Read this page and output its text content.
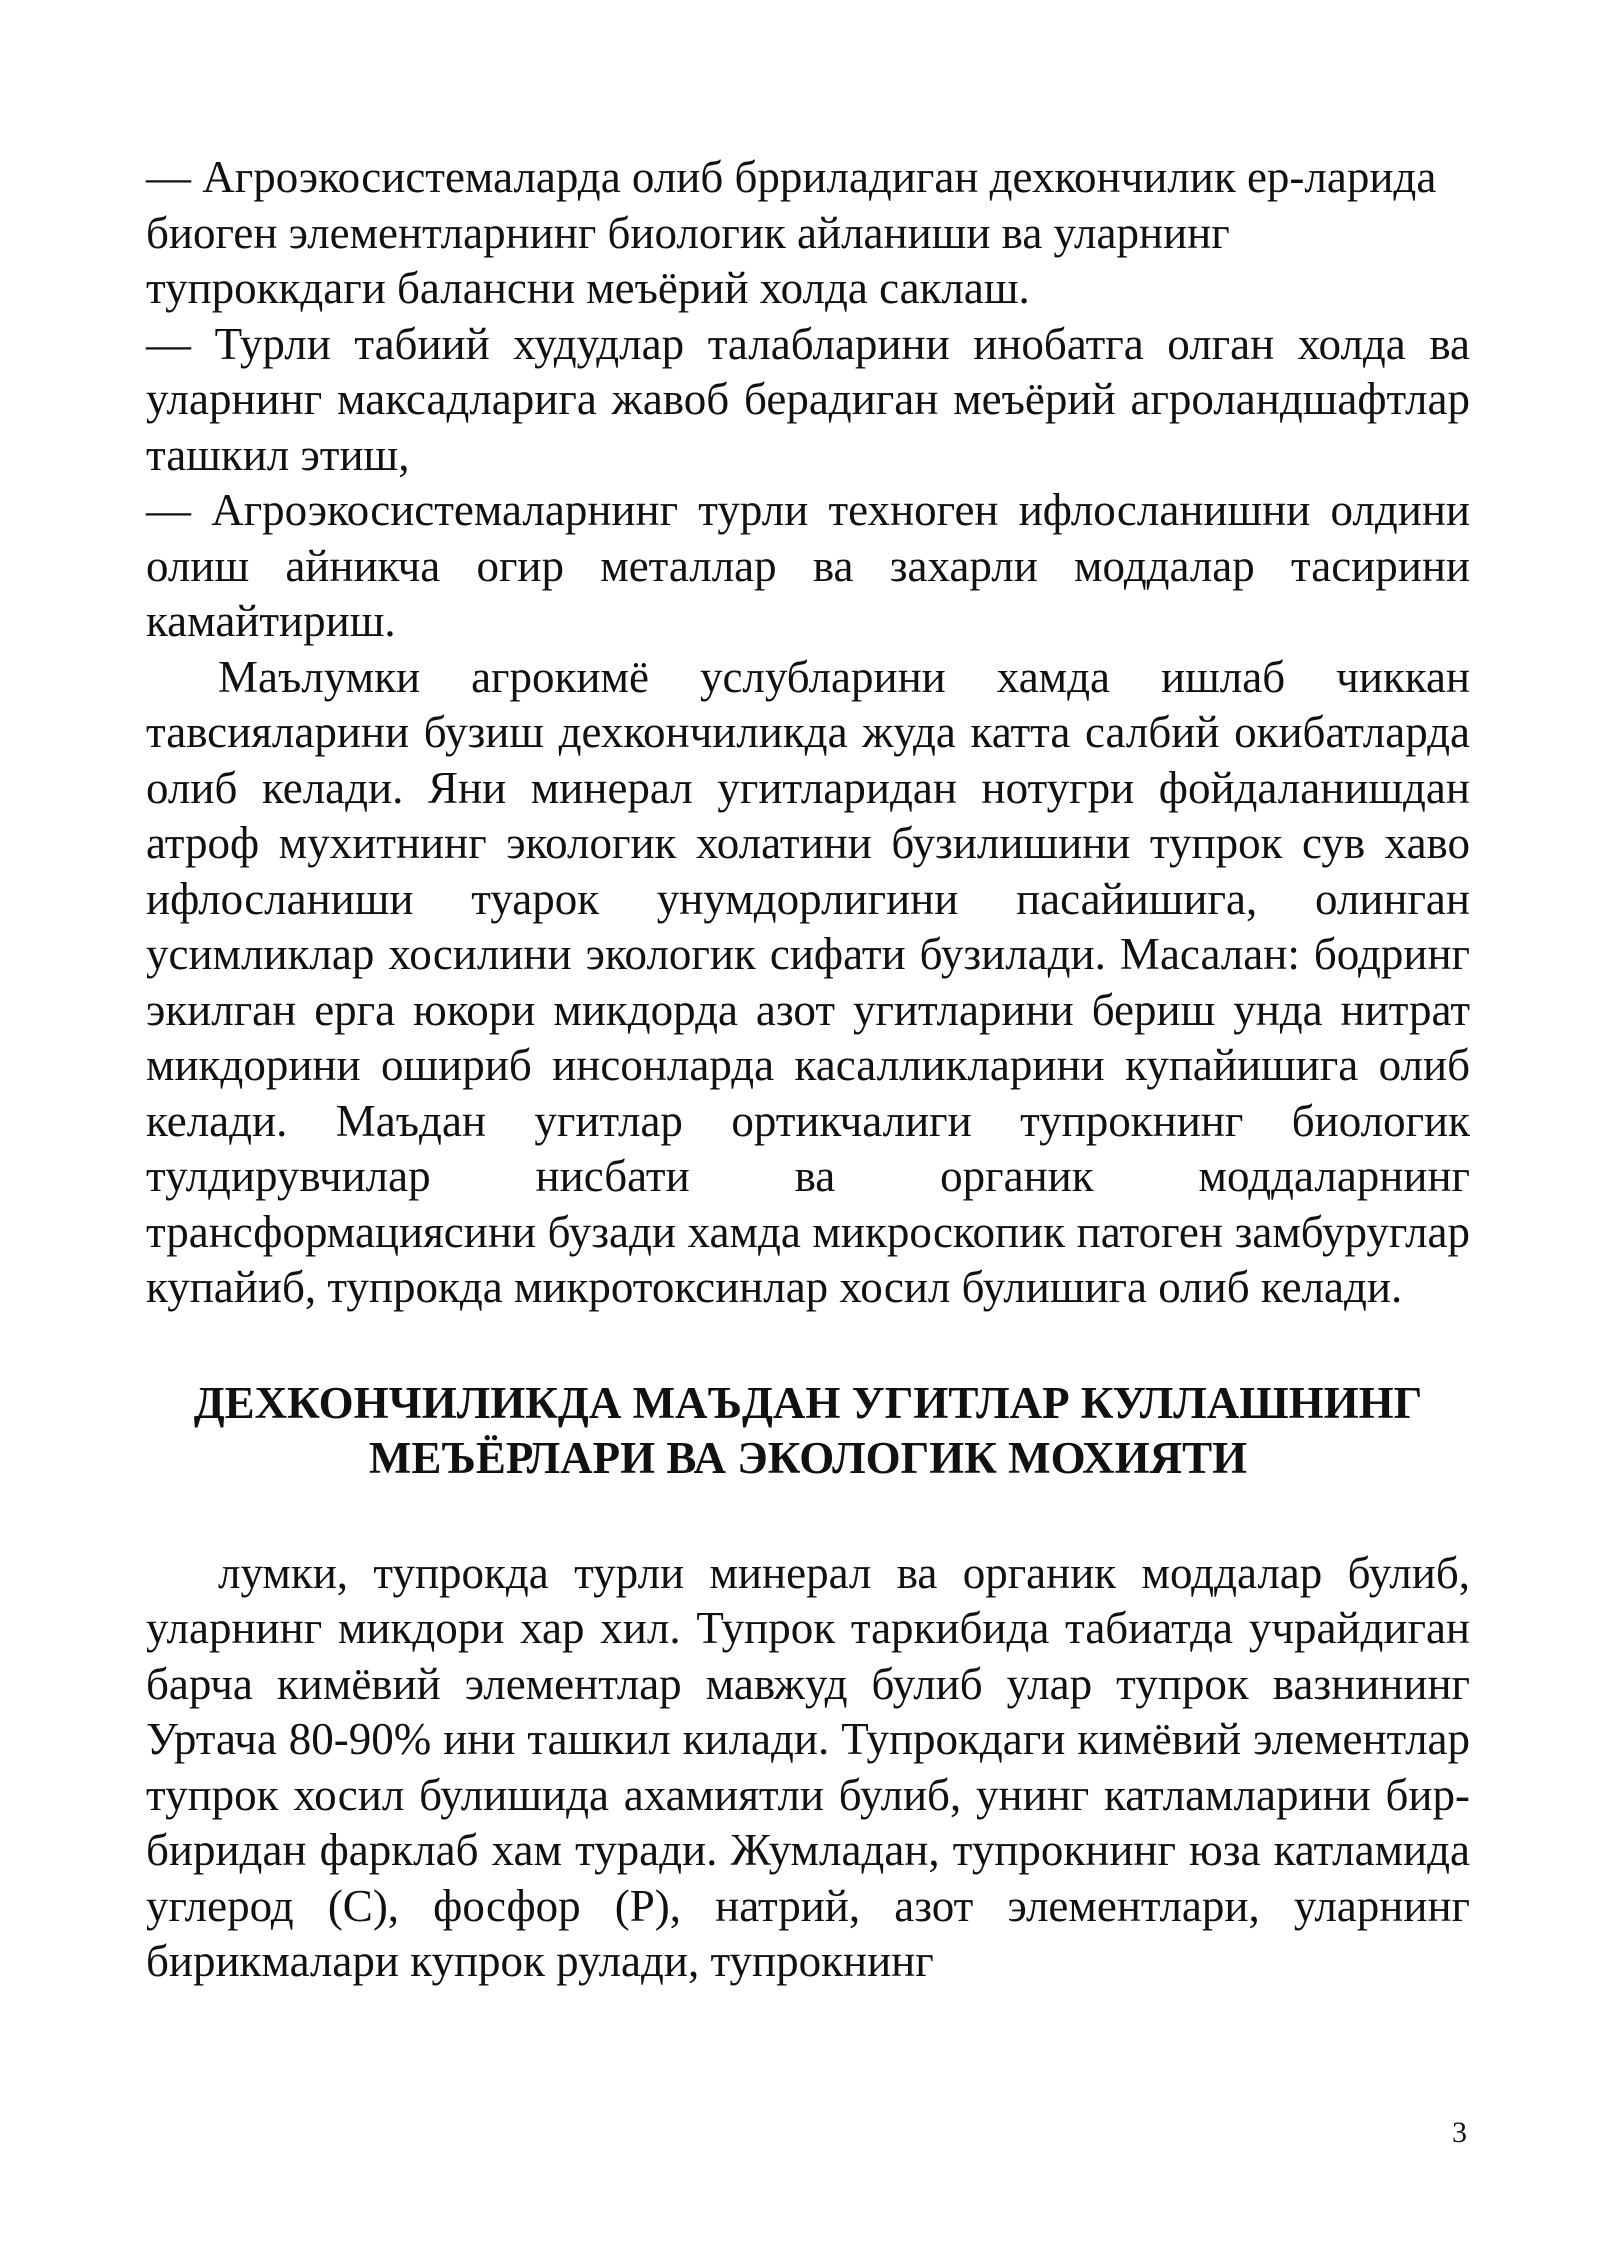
— Агроэкосистемаларда олиб брриладиган дехкончилик ер-ларида биоген элементларнинг биологик айланиши ва уларнинг тупроккдаги балансни меъёрий холда саклаш.

— Турли табиий худудлар талабларини инобатга олган холда ва уларнинг максадларига жавоб берадиган меъёрий агроландшафтлар ташкил этиш,

— Агроэкосистемаларнинг турли техноген ифлосланишни олдини олиш айникча огир металлар ва захарли моддалар тасирини камайтириш.

Маълумки агрокимё услубларини хамда ишлаб чиккан тавсияларини бузиш дехкончиликда жуда катта салбий окибатларда олиб келади. Яни минерал угитларидан нотугри фойдаланишдан атроф мухитнинг экологик холатини бузилишини тупрок сув хаво ифлосланиши туарок унумдорлигини пасайишига, олинган усимликлар хосилини экологик сифати бузилади. Масалан: бодринг экилган ерга юкори микдорда азот угитларини бериш унда нитрат микдорини ошириб инсонларда касалликларини купайишига олиб келади. Маъдан угитлар ортикчалиги тупрокнинг биологик тулдирувчилар нисбати ва органик моддаларнинг трансформациясини бузади хамда микроскопик патоген замбуруглар купайиб, тупрокда микротоксинлар хосил булишига олиб келади.

ДЕХКОНЧИЛИКДА МАЪДАН УГИТЛАР КУЛЛАШНИНГ
МЕЪЁРЛАРИ ВА ЭКОЛОГИК МОХИЯТИ

лумки, тупрокда турли минерал ва органик моддалар булиб, уларнинг микдори хар хил. Тупрок таркибида табиатда учрайдиган барча кимёвий элементлар мавжуд булиб улар тупрок вазнининг Уртача 80-90% ини ташкил килади. Тупрокдаги кимёвий элементлар тупрок хосил булишида ахамиятли булиб, унинг катламларини бир-биридан фарклаб хам туради. Жумладан, тупрокнинг юза катламида углерод (С), фосфор (Р), натрий, азот элементлари, уларнинг бирикмалари купрок рулади, тупрокнинг

3
